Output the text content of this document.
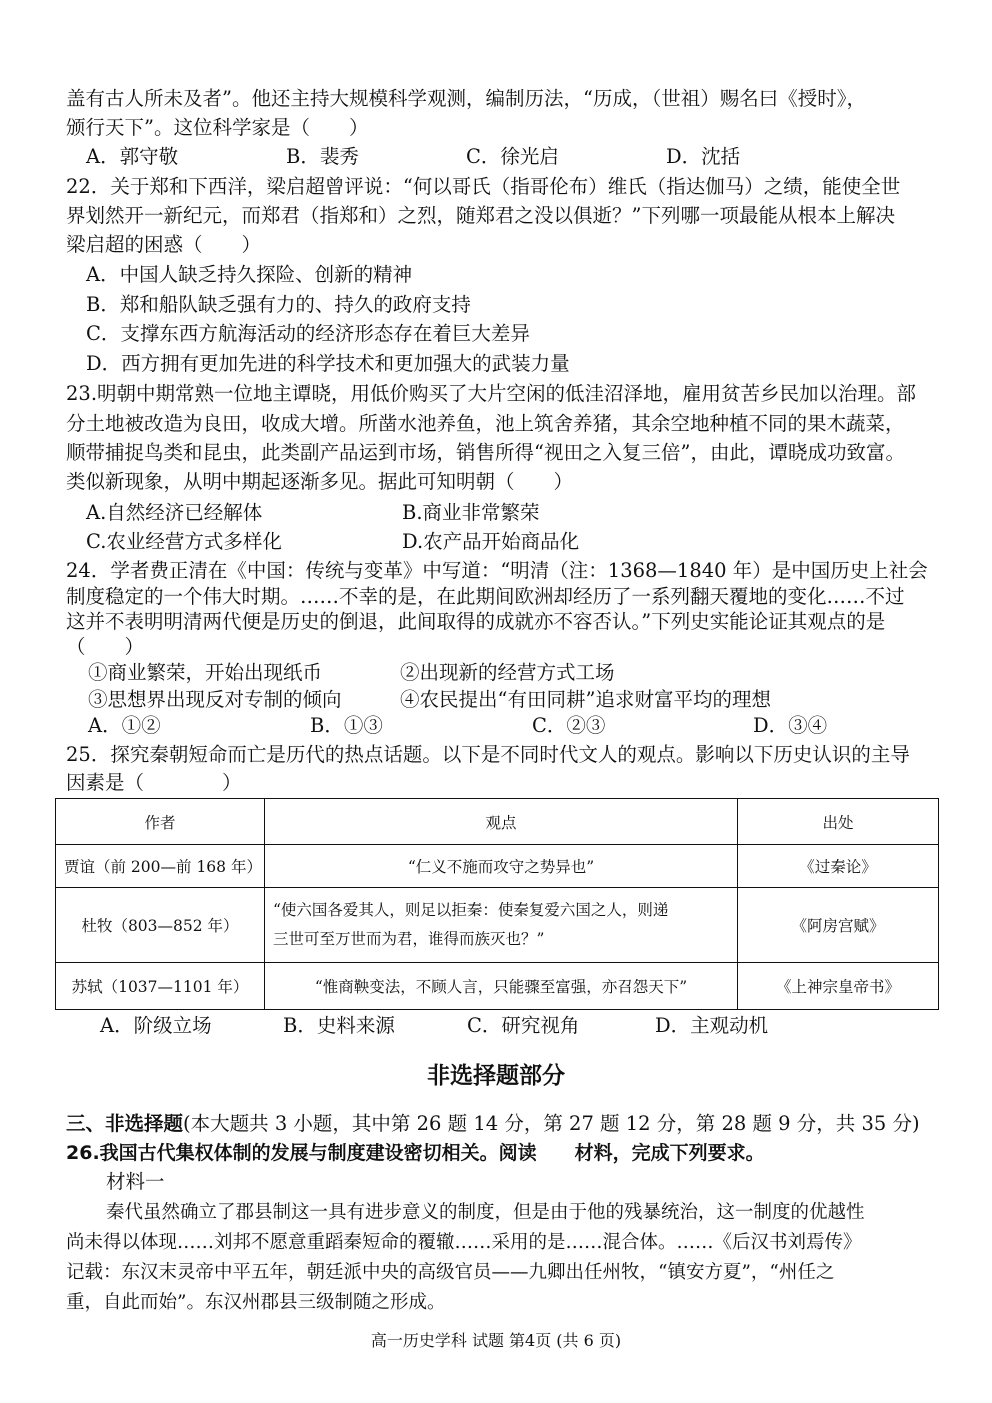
盖有古人所未及者”。他还主持大规模科学观测，编制历法，“历成，（世祖）赐名曰《授时》，
颁行天下”。这位科学家是（　　）
A．郭守敬	B．裴秀	C．徐光启	D．沈括
22．关于郑和下西洋，梁启超曾评说：“何以哥氏（指哥伦布）维氏（指达伽马）之绩，能使全世
界划然开一新纪元，而郑君（指郑和）之烈，随郑君之没以俱逝？”下列哪一项最能从根本上解决
梁启超的困惑（　　）
A．中国人缺乏持久探险、创新的精神
B．郑和船队缺乏强有力的、持久的政府支持
C．支撑东西方航海活动的经济形态存在着巨大差异
D．西方拥有更加先进的科学技术和更加强大的武装力量
23.明朝中期常熟一位地主谭晓，用低价购买了大片空闲的低洼沼泽地，雇用贫苦乡民加以治理。部
分土地被改造为良田，收成大增。所凿水池养鱼，池上筑舍养猪，其余空地种植不同的果木蔬菜，
顺带捕捉鸟类和昆虫，此类副产品运到市场，销售所得“视田之入复三倍”，由此，谭晓成功致富。
类似新现象，从明中期起逐渐多见。据此可知明朝（　　）
A.自然经济已经解体	B.商业非常繁荣
C.农业经营方式多样化	D.农产品开始商品化
24．学者费正清在《中国：传统与变革》中写道：“明清（注：1368—1840 年）是中国历史上社会
制度稳定的一个伟大时期。……不幸的是，在此期间欧洲却经历了一系列翻天覆地的变化……不过
这并不表明明清两代便是历史的倒退，此间取得的成就亦不容否认。”下列史实能论证其观点的是
（　　）
①商业繁荣，开始出现纸币	②出现新的经营方式工场
③思想界出现反对专制的倾向	④农民提出“有田同耕”追求财富平均的理想
A．①②	B．①③	C．②③	D．③④
25．探究秦朝短命而亡是历代的热点话题。以下是不同时代文人的观点。影响以下历史认识的主导
因素是（　　　　）
作者	观点	出处
贾谊（前 200—前 168 年）	“仁义不施而攻守之势异也”	《过秦论》
杜牧（803—852 年）	“使六国各爱其人，则足以拒秦：使秦复爱六国之人，则递
三世可至万世而为君，谁得而族灭也？”	《阿房宫赋》
苏轼（1037—1101 年）	“惟商鞅变法，不顾人言，只能骤至富强，亦召怨天下”	《上神宗皇帝书》
A．阶级立场	B．史料来源	C．研究视角	D．主观动机
非选择题部分
三、非选择题(本大题共 3 小题，其中第 26 题 14 分，第 27 题 12 分，第 28 题 9 分，共 35 分)
26.我国古代集权体制的发展与制度建设密切相关。阅读　　材料，完成下列要求。
材料一
秦代虽然确立了郡县制这一具有进步意义的制度，但是由于他的残暴统治，这一制度的优越性
尚未得以体现……刘邦不愿意重蹈秦短命的覆辙……采用的是……混合体。……《后汉书刘焉传》
记载：东汉末灵帝中平五年，朝廷派中央的高级官员——九卿出任州牧，“镇安方夏”，“州任之
重，自此而始”。东汉州郡县三级制随之形成。
高一历史学科 试题 第4页 (共 6 页)
